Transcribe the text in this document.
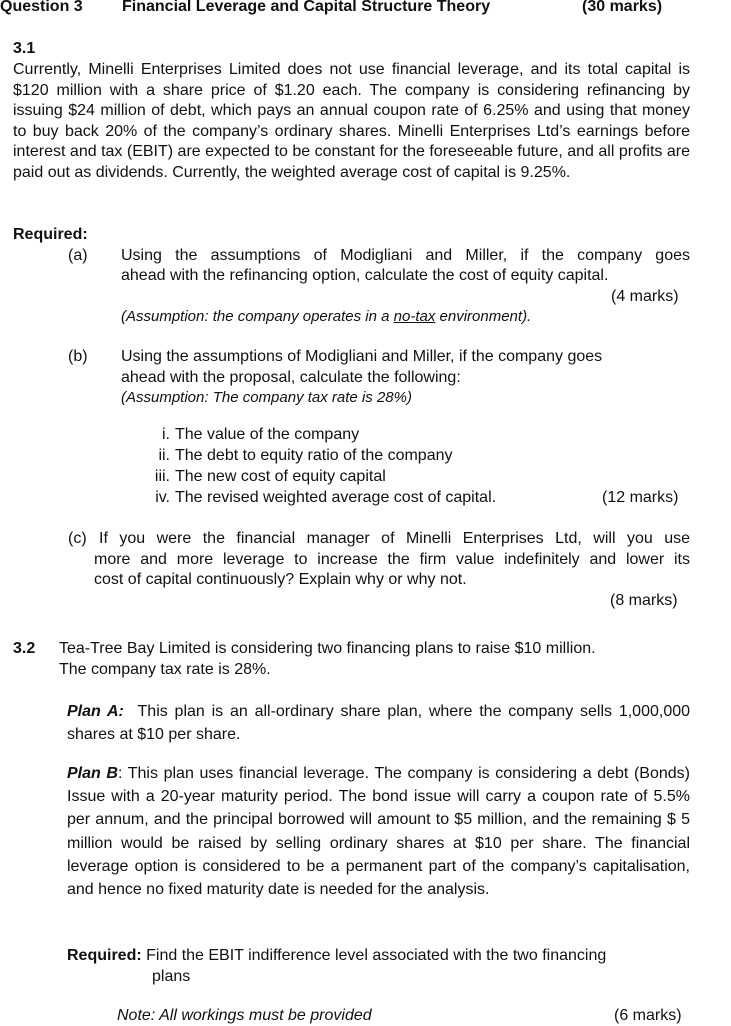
Question 3 Financial Leverage and Capital Structure Theory	(30 marks)
3.1
Currently, Minelli Enterprises Limited does not use financial leverage, and its total capital is $120 million with a share price of $1.20 each. The company is considering refinancing by issuing $24 million of debt, which pays an annual coupon rate of 6.25% and using that money to buy back 20% of the company’s ordinary shares. Minelli Enterprises Ltd’s earnings before interest and tax (EBIT) are expected to be constant for the foreseeable future, and all profits are paid out as dividends. Currently, the weighted average cost of capital is 9.25%.
Required:
(a) Using the assumptions of Modigliani and Miller, if the company goes
ahead with the refinancing option, calculate the cost of equity capital.
(4 marks)
(Assumption: the company operates in a no-tax environment).
(b) Using the assumptions of Modigliani and Miller, if the company goes
ahead with the proposal, calculate the following:
(Assumption: The company tax rate is 28%)
i. The value of the company
ii. The debt to equity ratio of the company
iii. The new cost of equity capital
iv. The revised weighted average cost of capital.	(12 marks)
(c) If you were the financial manager of Minelli Enterprises Ltd, will you use
more and more leverage to increase the firm value indefinitely and lower its
cost of capital continuously? Explain why or why not.
(8 marks)
3.2 Tea-Tree Bay Limited is considering two financing plans to raise $10 million.
The company tax rate is 28%.
Plan A: This plan is an all-ordinary share plan, where the company sells 1,000,000 shares at $10 per share.
Plan B: This plan uses financial leverage. The company is considering a debt (Bonds) Issue with a 20-year maturity period. The bond issue will carry a coupon rate of 5.5% per annum, and the principal borrowed will amount to $5 million, and the remaining $ 5 million would be raised by selling ordinary shares at $10 per share. The financial leverage option is considered to be a permanent part of the company’s capitalisation, and hence no fixed maturity date is needed for the analysis.
Required: Find the EBIT indifference level associated with the two financing
plans
Note: All workings must be provided	(6 marks)
